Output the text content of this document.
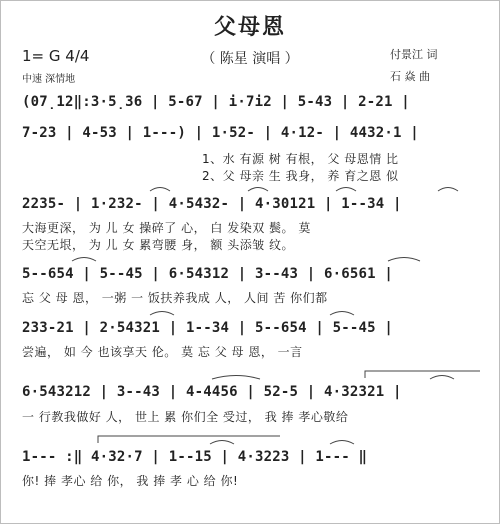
父母恩
（ 陈星 演唱 ）
1= G 4/4
中速 深情地
付景江 词
石 焱 曲
(07̣12‖:3·5̣36 | 5-67 | i·7i2 | 5-43 | 2-21 |
7-23 | 4-53 | 1---) | 1·52- | 4·12- | 4432·1 |
1、水 有源 树 有根， 父 母恩情 比
2、父 母亲 生 我身， 养 育之恩 似
2235- | 1·232- | 4·5432- | 4·30121 | 1--34 |
大海更深， 为 儿 女 操碎了 心， 白 发染双 鬓。 莫
天空无垠， 为 儿 女 累弯腰 身， 额 头添皱 纹。
5--654 | 5--45 | 6·54312 | 3--43 | 6·6561 |
忘 父 母 恩， 一粥 一 饭扶养我成 人， 人间 苦 你们都
233-21 | 2·54321 | 1--34 | 5--654 | 5--45 |
尝遍， 如 今 也该享天 伦。 莫 忘 父 母 恩， 一言
6·543212 | 3--43 | 4-4456 | 52-5 | 4·32321 |
一 行教我做好 人， 世上 累 你们全 受过， 我 捧 孝心敬给
1--- :‖ 4·32·7 | 1--15 | 4·3223 | 1--- ‖
你! 捧 孝心 给 你， 我 捧 孝 心 给 你!
